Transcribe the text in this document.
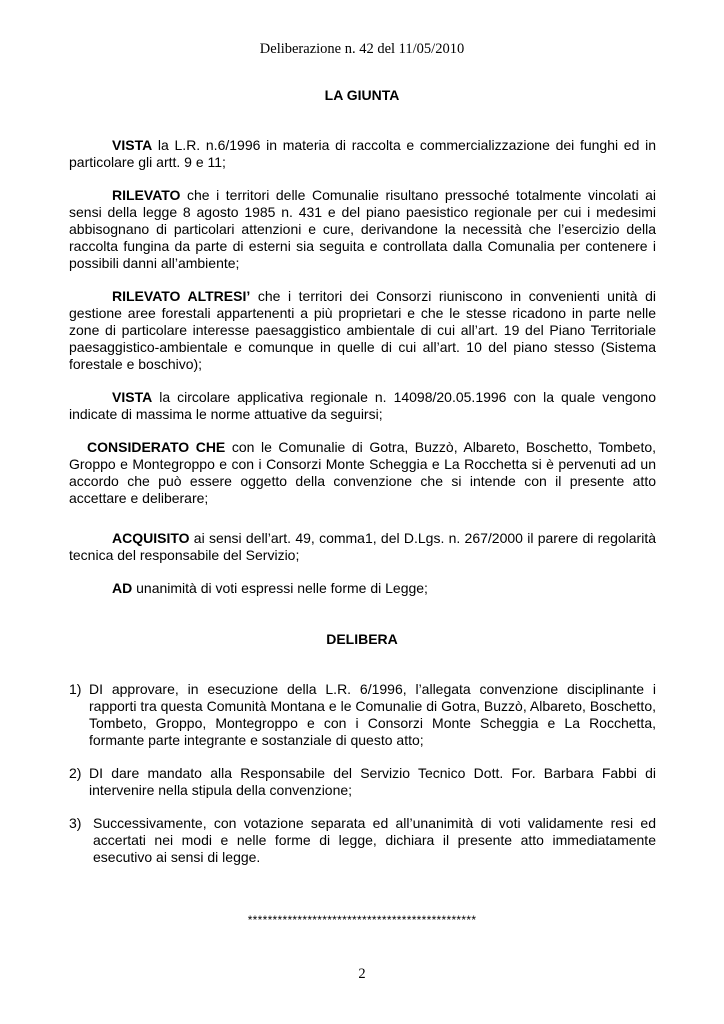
Deliberazione n. 42 del 11/05/2010
LA GIUNTA
VISTA la L.R. n.6/1996 in materia di raccolta e commercializzazione dei funghi ed in particolare gli artt. 9 e 11;
RILEVATO che i territori delle Comunalie risultano pressoché totalmente vincolati ai sensi della legge 8 agosto 1985 n. 431 e del piano paesistico regionale per cui i medesimi abbisognano di particolari attenzioni e cure, derivandone la necessità che l’esercizio della raccolta fungina da parte di esterni sia seguita e controllata dalla Comunalia per contenere i possibili danni all’ambiente;
RILEVATO ALTRESI’ che i territori dei Consorzi riuniscono in convenienti unità di gestione aree forestali appartenenti a più proprietari e che le stesse ricadono in parte nelle zone di particolare interesse paesaggistico ambientale di cui all’art. 19 del Piano Territoriale paesaggistico-ambientale e comunque in quelle di cui all’art. 10 del piano stesso (Sistema forestale e boschivo);
VISTA la circolare applicativa regionale n. 14098/20.05.1996 con la quale vengono indicate di massima le norme attuative da seguirsi;
CONSIDERATO CHE con le Comunalie di Gotra, Buzzò, Albareto, Boschetto, Tombeto, Groppo e Montegroppo e con i Consorzi Monte Scheggia e La Rocchetta si è pervenuti ad un accordo che può essere oggetto della convenzione che si intende con il presente atto accettare e deliberare;
ACQUISITO ai sensi dell’art. 49, comma1, del D.Lgs. n. 267/2000 il parere di regolarità tecnica del responsabile del Servizio;
AD unanimità di voti espressi nelle forme di Legge;
DELIBERA
1) DI approvare, in esecuzione della L.R. 6/1996, l’allegata convenzione disciplinante i rapporti tra questa Comunità Montana e le Comunalie di Gotra, Buzzò, Albareto, Boschetto, Tombeto, Groppo, Montegroppo e con i Consorzi Monte Scheggia e La Rocchetta, formante parte integrante e sostanziale di questo atto;
2) DI dare mandato alla Responsabile del Servizio Tecnico Dott. For. Barbara Fabbi di intervenire nella stipula della convenzione;
3) Successivamente, con votazione separata ed all’unanimità di voti validamente resi ed accertati nei modi e nelle forme di legge, dichiara il presente atto immediatamente esecutivo ai sensi di legge.
**********************************************
2
